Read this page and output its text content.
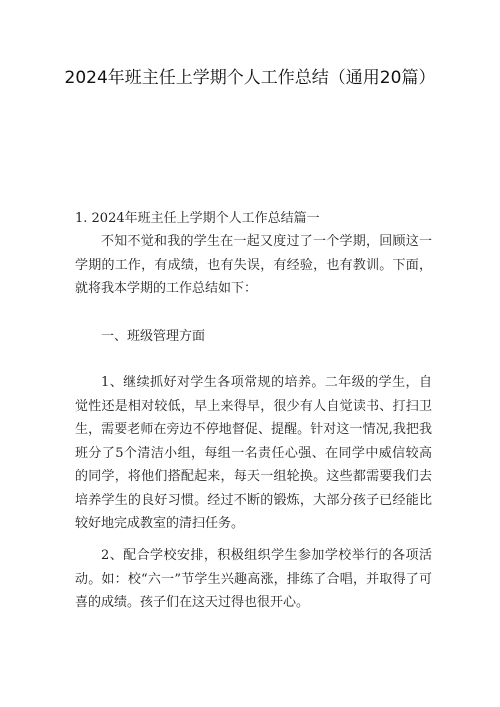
2024年班主任上学期个人工作总结（通用20篇）

1. 2024年班主任上学期个人工作总结篇一

不知不觉和我的学生在一起又度过了一个学期，回顾这一学期的工作，有成绩，也有失误，有经验，也有教训。下面，就将我本学期的工作总结如下：

一、班级管理方面

1、继续抓好对学生各项常规的培养。二年级的学生，自觉性还是相对较低，早上来得早，很少有人自觉读书、打扫卫生，需要老师在旁边不停地督促、提醒。针对这一情况,我把我班分了5个清洁小组，每组一名责任心强、在同学中威信较高的同学，将他们搭配起来，每天一组轮换。这些都需要我们去培养学生的良好习惯。经过不断的锻炼，大部分孩子已经能比较好地完成教室的清扫任务。

2、配合学校安排，积极组织学生参加学校举行的各项活动。如：校“六一”节学生兴趣高涨，排练了合唱，并取得了可喜的成绩。孩子们在这天过得也很开心。
